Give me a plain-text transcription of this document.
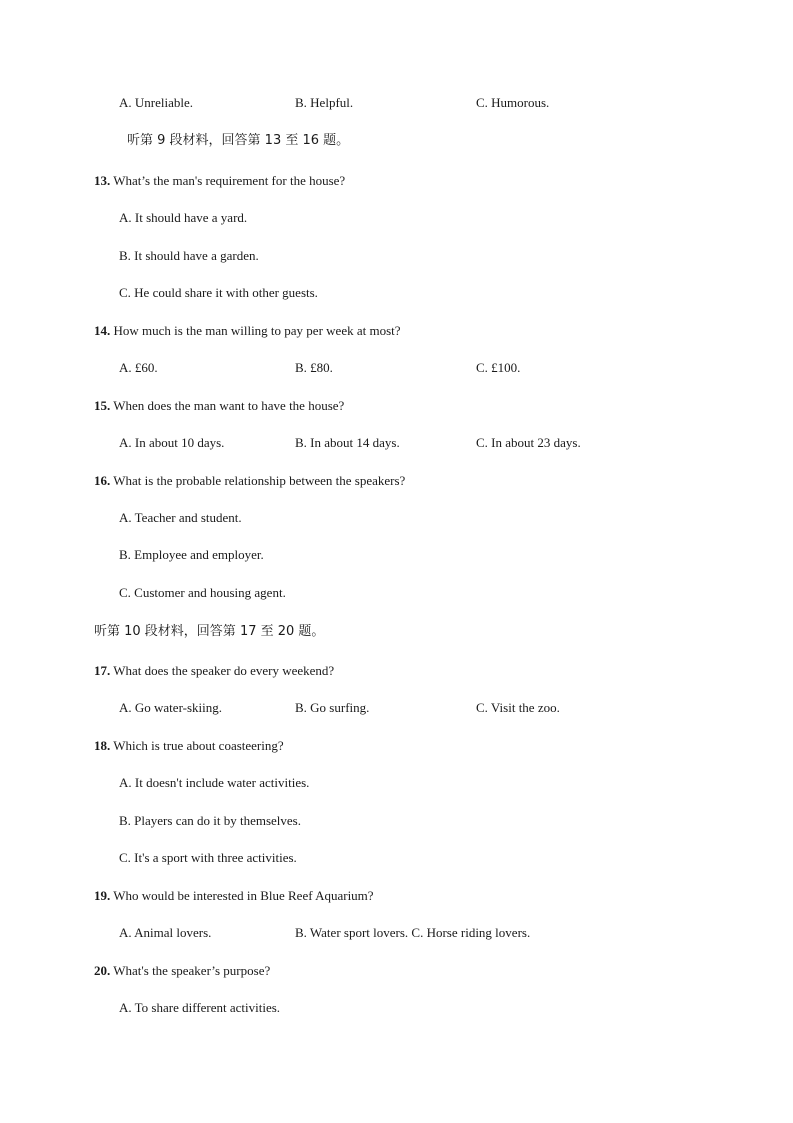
A. Unreliable.	B. Helpful.	C. Humorous.
听第 9 段材料，回答第 13 至 16 题。
13. What’s the man's requirement for the house?
A. It should have a yard.
B. It should have a garden.
C. He could share it with other guests.
14. How much is the man willing to pay per week at most?
A. £60.	B. £80.	C. £100.
15. When does the man want to have the house?
A. In about 10 days.	B. In about 14 days.	C. In about 23 days.
16. What is the probable relationship between the speakers?
A. Teacher and student.
B. Employee and employer.
C. Customer and housing agent.
听第 10 段材料，回答第 17 至 20 题。
17. What does the speaker do every weekend?
A. Go water-skiing.	B. Go surfing.	C. Visit the zoo.
18. Which is true about coasteering?
A. It doesn't include water activities.
B. Players can do it by themselves.
C. It's a sport with three activities.
19. Who would be interested in Blue Reef Aquarium?
A. Animal lovers.	B. Water sport lovers. C. Horse riding lovers.
20. What's the speaker’s purpose?
A. To share different activities.
